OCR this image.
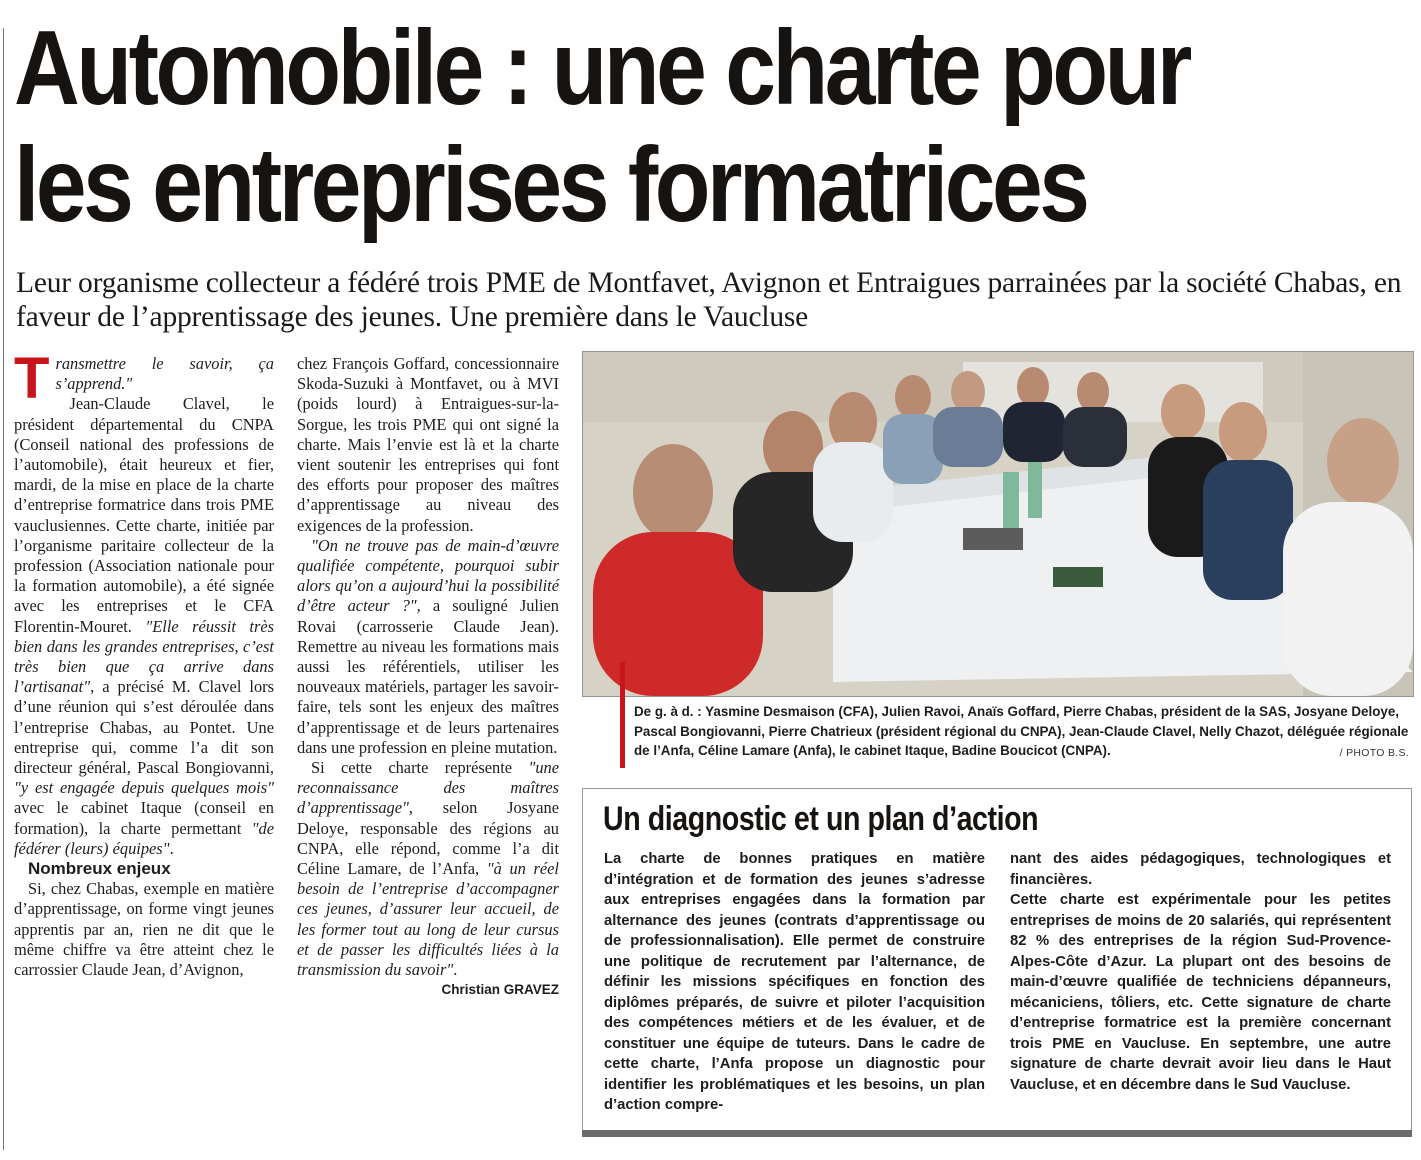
Automobile : une charte pour
les entreprises formatrices

Leur organisme collecteur a fédéré trois PME de Montfavet, Avignon et Entraigues parrainées par la société Chabas, en faveur de l’apprentissage des jeunes. Une première dans le Vaucluse

Transmettre le savoir, ça s’apprend."

Jean-Claude Clavel, le président départemental du CNPA (Conseil national des professions de l’automobile), était heureux et fier, mardi, de la mise en place de la charte d’entreprise formatrice dans trois PME vauclusiennes. Cette charte, initiée par l’organisme paritaire collecteur de la profession (Association nationale pour la formation automobile), a été signée avec les entreprises et le CFA Florentin-Mouret. "Elle réussit très bien dans les grandes entreprises, c’est très bien que ça arrive dans l’artisanat", a précisé M. Clavel lors d’une réunion qui s’est déroulée dans l’entreprise Chabas, au Pontet. Une entreprise qui, comme l’a dit son directeur général, Pascal Bongiovanni, "y est engagée depuis quelques mois" avec le cabinet Itaque (conseil en formation), la charte permettant "de fédérer (leurs) équipes".

Nombreux enjeux

Si, chez Chabas, exemple en matière d’apprentissage, on forme vingt jeunes apprentis par an, rien ne dit que le même chiffre va être atteint chez le carrossier Claude Jean, d’Avignon,

chez François Goffard, concessionnaire Skoda-Suzuki à Montfavet, ou à MVI (poids lourd) à Entraigues-sur-la-Sorgue, les trois PME qui ont signé la charte. Mais l’envie est là et la charte vient soutenir les entreprises qui font des efforts pour proposer des maîtres d’apprentissage au niveau des exigences de la profession.

"On ne trouve pas de main-d’œuvre qualifiée compétente, pourquoi subir alors qu’on a aujourd’hui la possibilité d’être acteur ?", a souligné Julien Rovai (carrosserie Claude Jean). Remettre au niveau les formations mais aussi les référentiels, utiliser les nouveaux matériels, partager les savoir-faire, tels sont les enjeux des maîtres d’apprentissage et de leurs partenaires dans une profession en pleine mutation.

Si cette charte représente "une reconnaissance des maîtres d’apprentissage", selon Josyane Deloye, responsable des régions au CNPA, elle répond, comme l’a dit Céline Lamare, de l’Anfa, "à un réel besoin de l’entreprise d’accompagner ces jeunes, d’assurer leur accueil, de les former tout au long de leur cursus et de passer les difficultés liées à la transmission du savoir".
Christian GRAVEZ

De g. à d. : Yasmine Desmaison (CFA), Julien Ravoi, Anaïs Goffard, Pierre Chabas, président de la SAS, Josyane Deloye, Pascal Bongiovanni, Pierre Chatrieux (président régional du CNPA), Jean-Claude Clavel, Nelly Chazot, déléguée régionale de l’Anfa, Céline Lamare (Anfa), le cabinet Itaque, Badine Boucicot (CNPA).	/ PHOTO B.S.
Un diagnostic et un plan d’action

La charte de bonnes pratiques en matière d’intégration et de formation des jeunes s’adresse aux entreprises engagées dans la formation par alternance des jeunes (contrats d’apprentissage ou de professionnalisation). Elle permet de construire une politique de recrutement par l’alternance, de définir les missions spécifiques en fonction des diplômes préparés, de suivre et piloter l’acquisition des compétences métiers et de les évaluer, et de constituer une équipe de tuteurs. Dans le cadre de cette charte, l’Anfa propose un diagnostic pour identifier les problématiques et les besoins, un plan d’action compre-

nant des aides pédagogiques, technologiques et financières.

Cette charte est expérimentale pour les petites entreprises de moins de 20 salariés, qui représentent 82 % des entreprises de la région Sud-Provence-Alpes-Côte d’Azur. La plupart ont des besoins de main-d’œuvre qualifiée de techniciens dépanneurs, mécaniciens, tôliers, etc. Cette signature de charte d’entreprise formatrice est la première concernant trois PME en Vaucluse. En septembre, une autre signature de charte devrait avoir lieu dans le Haut Vaucluse, et en décembre dans le Sud Vaucluse.
